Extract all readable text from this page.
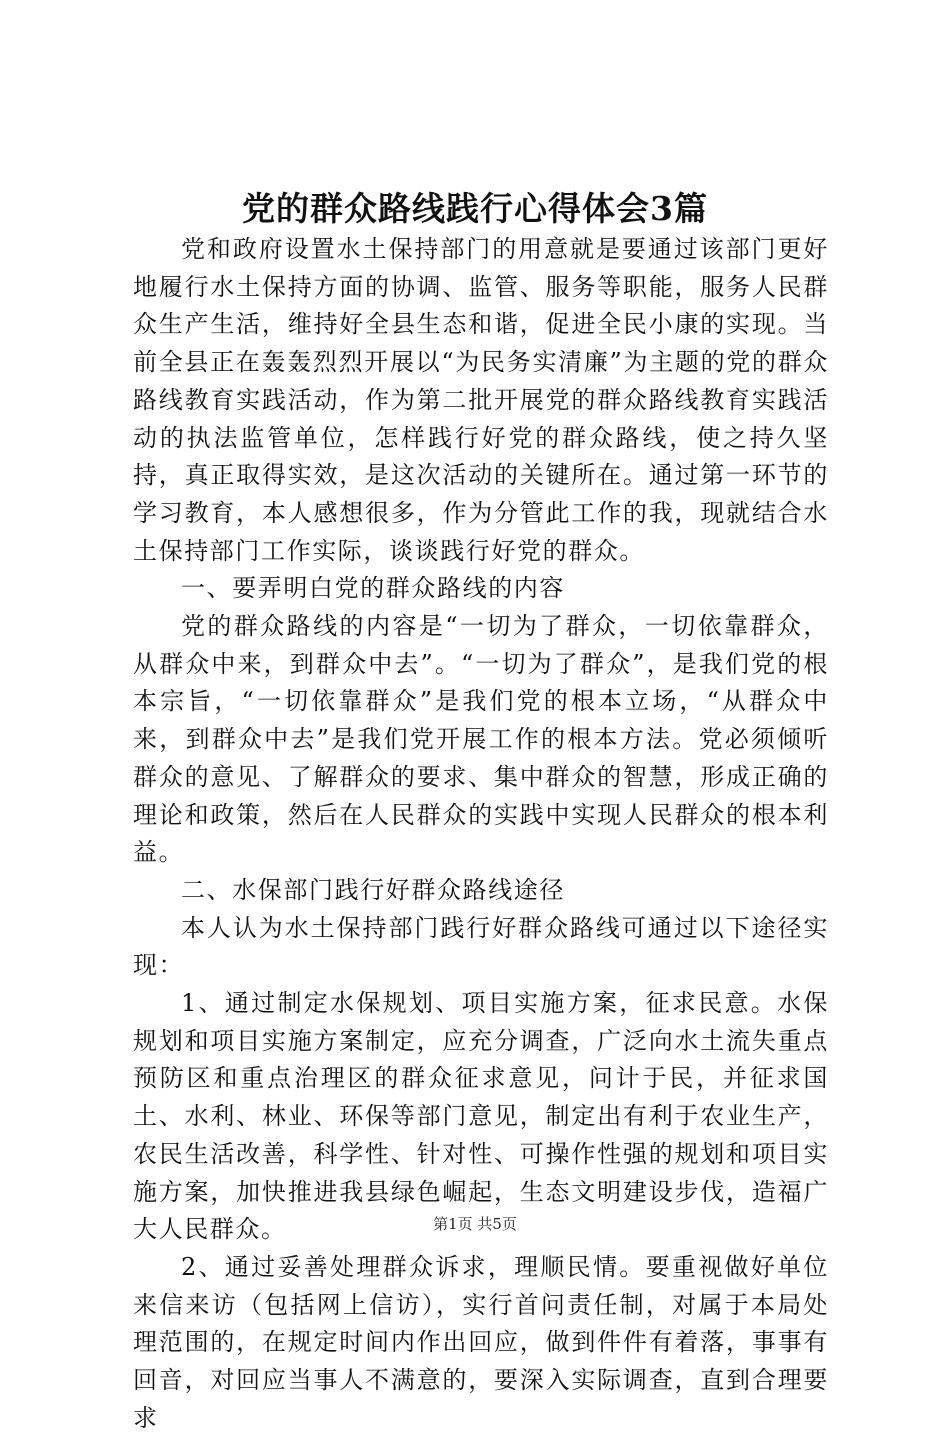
党的群众路线践行心得体会3篇

党和政府设置水土保持部门的用意就是要通过该部门更好地履行水土保持方面的协调、监管、服务等职能，服务人民群众生产生活，维持好全县生态和谐，促进全民小康的实现。当前全县正在轰轰烈烈开展以“为民务实清廉”为主题的党的群众路线教育实践活动，作为第二批开展党的群众路线教育实践活动的执法监管单位，怎样践行好党的群众路线，使之持久坚持，真正取得实效，是这次活动的关键所在。通过第一环节的学习教育，本人感想很多，作为分管此工作的我，现就结合水土保持部门工作实际，谈谈践行好党的群众。

一、要弄明白党的群众路线的内容

党的群众路线的内容是“一切为了群众，一切依靠群众，从群众中来，到群众中去”。“一切为了群众”，是我们党的根本宗旨，“一切依靠群众”是我们党的根本立场，“从群众中来，到群众中去”是我们党开展工作的根本方法。党必须倾听群众的意见、了解群众的要求、集中群众的智慧，形成正确的理论和政策，然后在人民群众的实践中实现人民群众的根本利益。

二、水保部门践行好群众路线途径

本人认为水土保持部门践行好群众路线可通过以下途径实现：

1、通过制定水保规划、项目实施方案，征求民意。水保规划和项目实施方案制定，应充分调查，广泛向水土流失重点预防区和重点治理区的群众征求意见，问计于民，并征求国土、水利、林业、环保等部门意见，制定出有利于农业生产，农民生活改善，科学性、针对性、可操作性强的规划和项目实施方案，加快推进我县绿色崛起，生态文明建设步伐，造福广大人民群众。

2、通过妥善处理群众诉求，理顺民情。要重视做好单位来信来访（包括网上信访），实行首问责任制，对属于本局处理范围的，在规定时间内作出回应，做到件件有着落，事事有回音，对回应当事人不满意的，要深入实际调查，直到合理要求

第1页 共5页
